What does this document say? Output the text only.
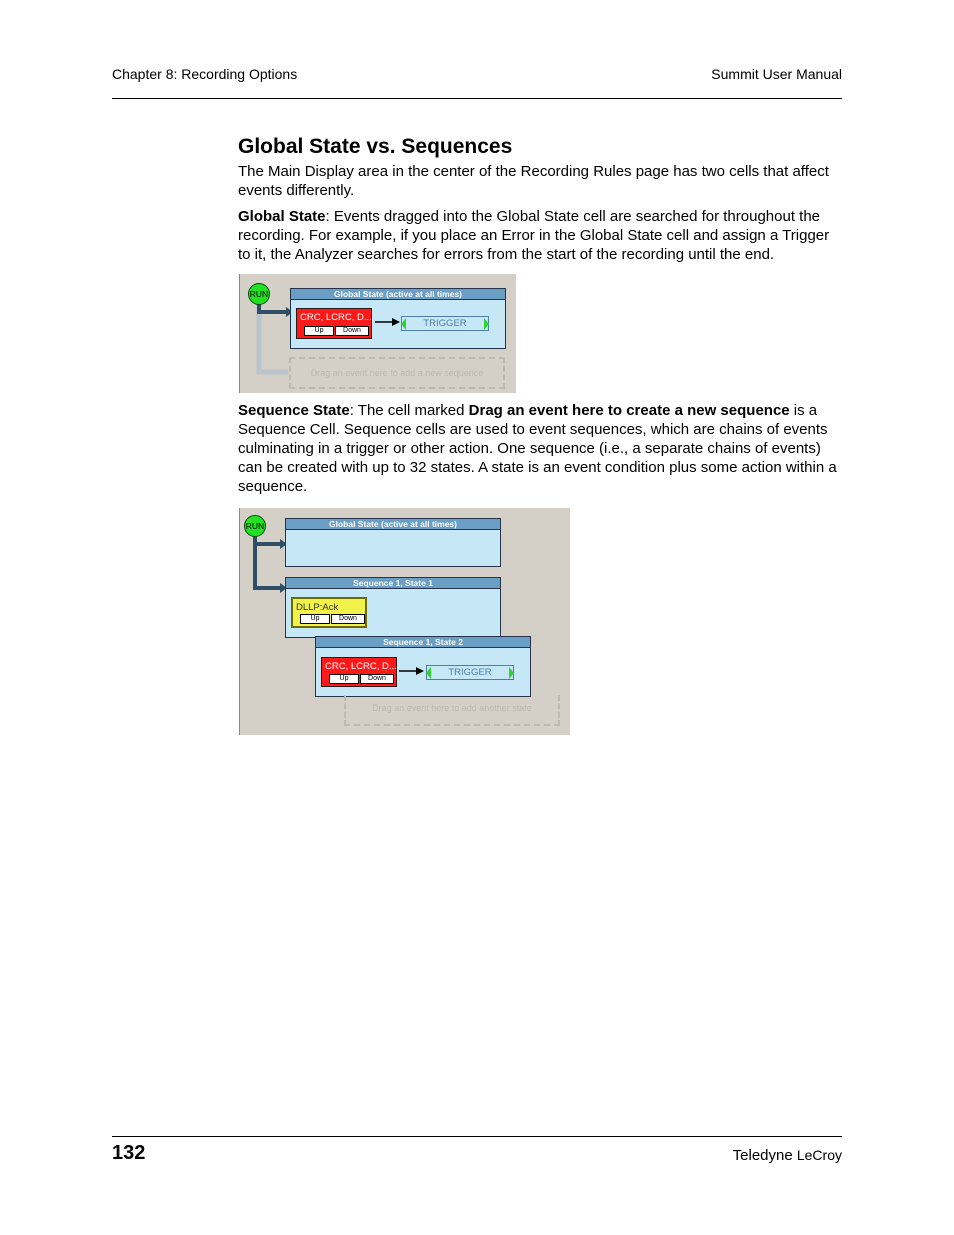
Chapter 8: Recording Options	Summit User Manual
Global State vs. Sequences

The Main Display area in the center of the Recording Rules page has two cells that affect events differently.

Global State: Events dragged into the Global State cell are searched for throughout the recording. For example, if you place an Error in the Global State cell and assign a Trigger to it, the Analyzer searches for errors from the start of the recording until the end.

RUN	Global State (active at all times)
CRC, LCRC, D...
Up	Down
TRIGGER
Drag an event here to add a new sequence

Sequence State: The cell marked Drag an event here to create a new sequence is a Sequence Cell. Sequence cells are used to event sequences, which are chains of events culminating in a trigger or other action. One sequence (i.e., a separate chains of events) can be created with up to 32 states. A state is an event condition plus some action within a sequence.

RUN	Global State (active at all times)
Sequence 1, State 1
DLLP:Ack
Up	Down
Sequence 1, State 2
CRC, LCRC, D...
Up	Down
TRIGGER
Drag an event here to add another state
132	Teledyne LeCroy
